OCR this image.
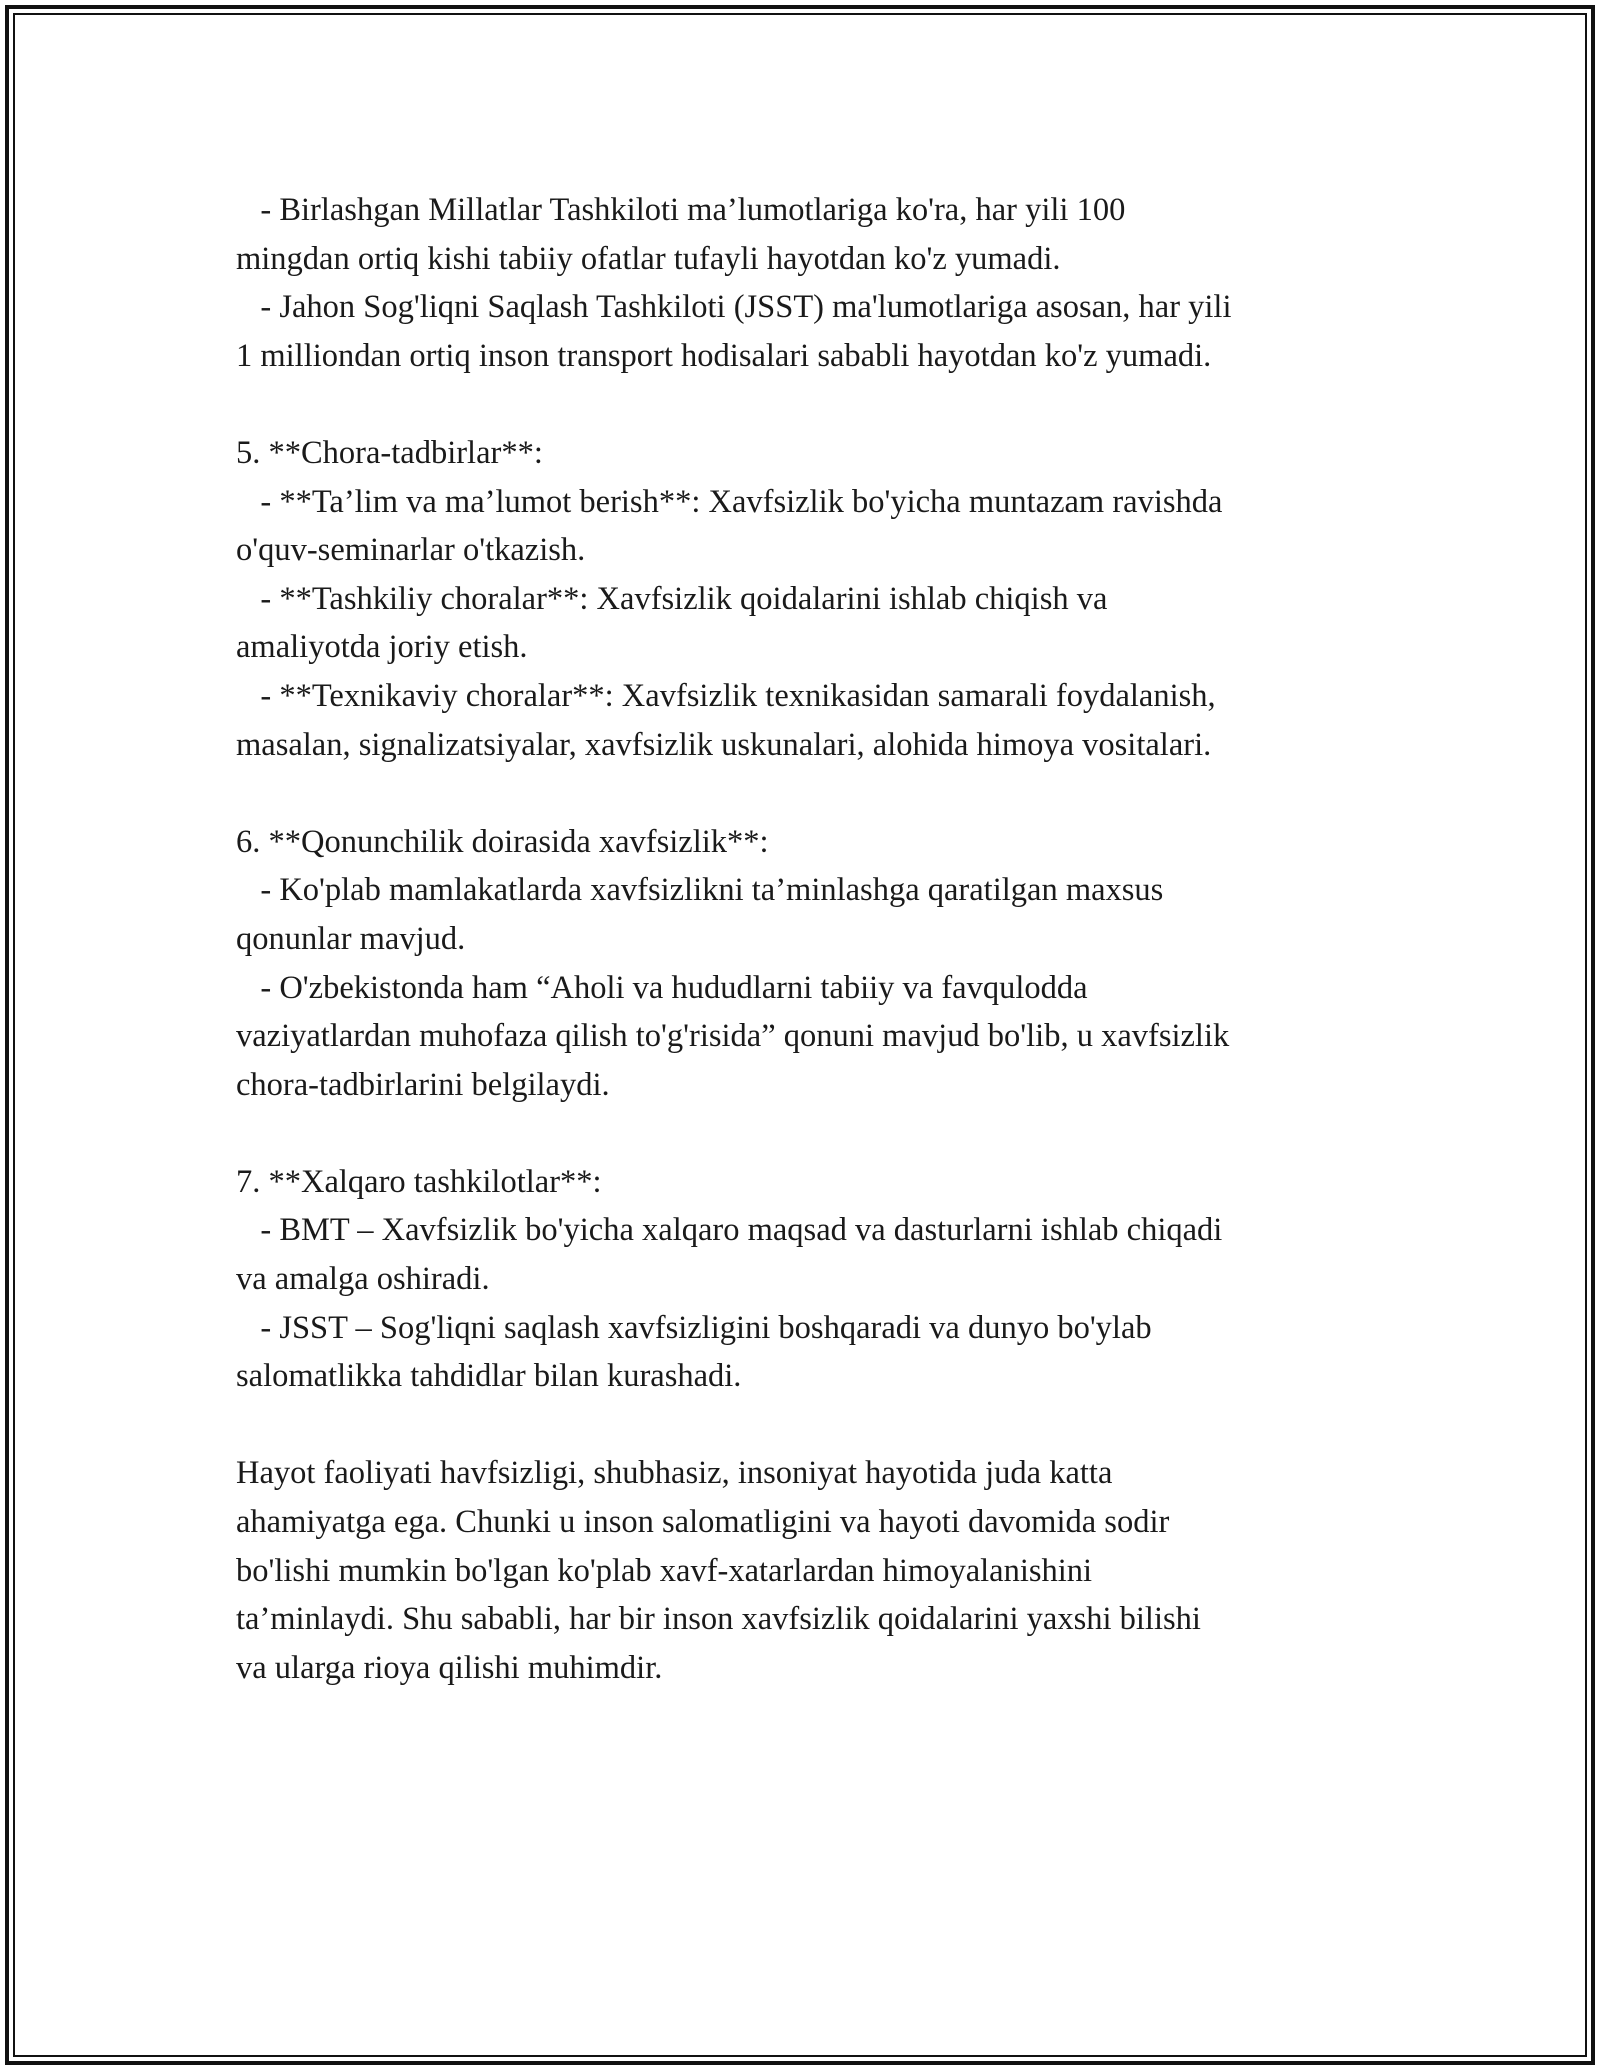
- Birlashgan Millatlar Tashkiloti ma’lumotlariga ko'ra, har yili 100
mingdan ortiq kishi tabiiy ofatlar tufayli hayotdan ko'z yumadi.
- Jahon Sog'liqni Saqlash Tashkiloti (JSST) ma'lumotlariga asosan, har yili
1 milliondan ortiq inson transport hodisalari sababli hayotdan ko'z yumadi.
5. **Chora-tadbirlar**:
- **Ta’lim va ma’lumot berish**: Xavfsizlik bo'yicha muntazam ravishda
o'quv-seminarlar o'tkazish.
- **Tashkiliy choralar**: Xavfsizlik qoidalarini ishlab chiqish va
amaliyotda joriy etish.
- **Texnikaviy choralar**: Xavfsizlik texnikasidan samarali foydalanish,
masalan, signalizatsiyalar, xavfsizlik uskunalari, alohida himoya vositalari.
6. **Qonunchilik doirasida xavfsizlik**:
- Ko'plab mamlakatlarda xavfsizlikni ta’minlashga qaratilgan maxsus
qonunlar mavjud.
- O'zbekistonda ham “Aholi va hududlarni tabiiy va favqulodda
vaziyatlardan muhofaza qilish to'g'risida” qonuni mavjud bo'lib, u xavfsizlik
chora-tadbirlarini belgilaydi.
7. **Xalqaro tashkilotlar**:
- BMT – Xavfsizlik bo'yicha xalqaro maqsad va dasturlarni ishlab chiqadi
va amalga oshiradi.
- JSST – Sog'liqni saqlash xavfsizligini boshqaradi va dunyo bo'ylab
salomatlikka tahdidlar bilan kurashadi.
Hayot faoliyati havfsizligi, shubhasiz, insoniyat hayotida juda katta
ahamiyatga ega. Chunki u inson salomatligini va hayoti davomida sodir
bo'lishi mumkin bo'lgan ko'plab xavf-xatarlardan himoyalanishini
ta’minlaydi. Shu sababli, har bir inson xavfsizlik qoidalarini yaxshi bilishi
va ularga rioya qilishi muhimdir.
